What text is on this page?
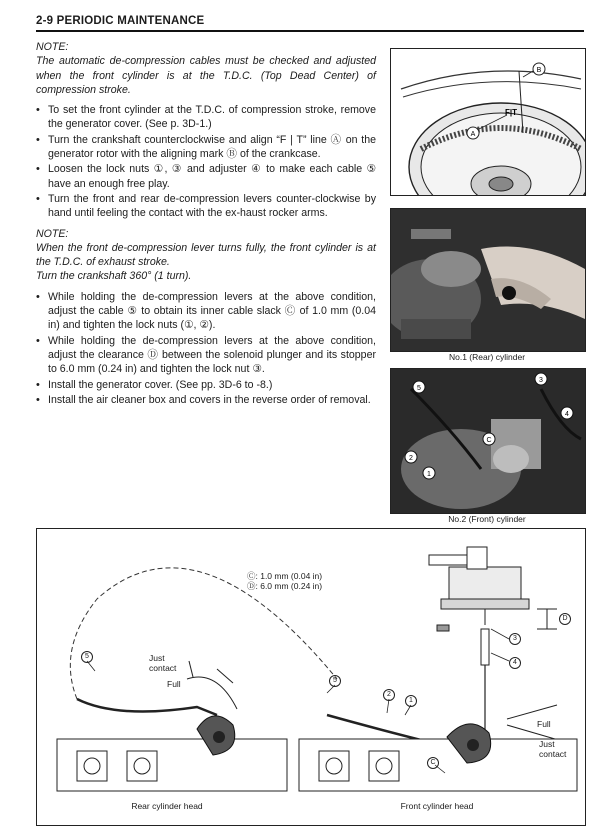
2-9 PERIODIC MAINTENANCE

NOTE:

The automatic de-compression cables must be checked and adjusted when the front cylinder is at the T.D.C. (Top Dead Center) of compression stroke.

• To set the front cylinder at the T.D.C. of compression stroke, remove the generator cover. (See p. 3D-1.)
• Turn the crankshaft counterclockwise and align “F | T” line Ⓐ on the generator rotor with the aligning mark Ⓑ of the crankcase.
• Loosen the lock nuts ①, ③ and adjuster ④ to make each cable ⑤ have an enough free play.
• Turn the front and rear de-compression levers counter-clockwise by hand until feeling the contact with the ex-haust rocker arms.

NOTE:

When the front de-compression lever turns fully, the front cylinder is at the T.D.C. of exhaust stroke.

Turn the crankshaft 360° (1 turn).

• While holding the de-compression levers at the above condition, adjust the cable ⑤ to obtain its inner cable slack Ⓒ of 1.0 mm (0.04 in) and tighten the lock nuts (①, ②).
• While holding the de-compression levers at the above condition, adjust the clearance Ⓓ between the solenoid plunger and its stopper to 6.0 mm (0.24 in) and tighten the lock nut ③.
• Install the generator cover. (See pp. 3D-6 to -8.)
• Install the air cleaner box and covers in the reverse order of removal.
F|T
A
B
No.1 (Rear) cylinder
5
3
4
C
2
1
No.2 (Front) cylinder
5
5
2
1
3
4
C
D
Ⓒ: 1.0 mm (0.04 in)
Ⓓ: 6.0 mm (0.24 in)
Just contact
Full
Full
Just contact
Rear cylinder head	Front cylinder head
